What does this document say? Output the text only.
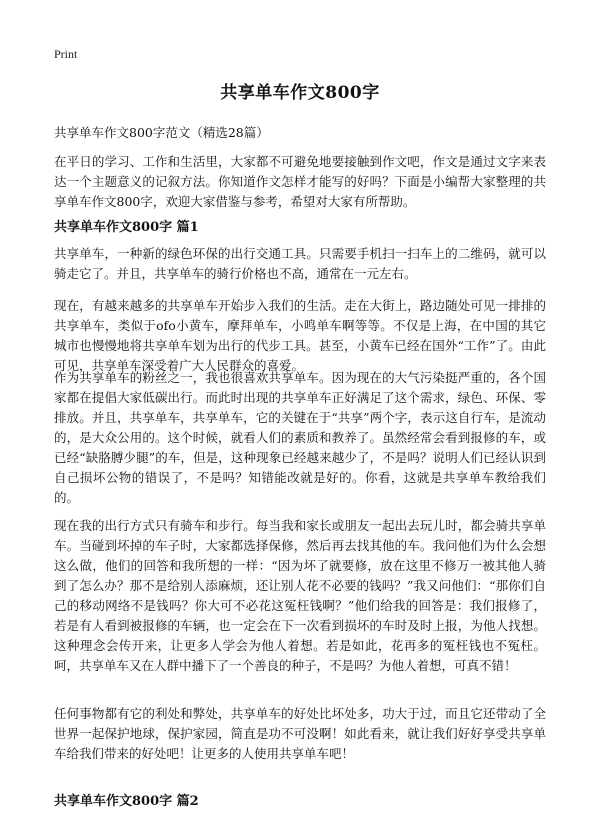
Print
共享单车作文800字
共享单车作文800字范文（精选28篇）

在平日的学习、工作和生活里，大家都不可避免地要接触到作文吧，作文是通过文字来表达一个主题意义的记叙方法。你知道作文怎样才能写的好吗？下面是小编帮大家整理的共享单车作文800字，欢迎大家借鉴与参考，希望对大家有所帮助。

共享单车作文800字 篇1

共享单车，一种新的绿色环保的出行交通工具。只需要手机扫一扫车上的二维码，就可以骑走它了。并且，共享单车的骑行价格也不高，通常在一元左右。

现在，有越来越多的共享单车开始步入我们的生活。走在大街上，路边随处可见一排排的共享单车，类似于ofo小黄车，摩拜单车，小鸣单车啊等等。不仅是上海，在中国的其它城市也慢慢地将共享单车划为出行的代步工具。甚至，小黄车已经在国外“工作”了。由此可见，共享单车深受着广大人民群众的喜爱。

作为共享单车的粉丝之一，我也很喜欢共享单车。因为现在的大气污染挺严重的，各个国家都在提倡大家低碳出行。而此时出现的共享单车正好满足了这个需求，绿色、环保、零排放。并且，共享单车，共享单车，它的关键在于“共享”两个字，表示这自行车，是流动的，是大众公用的。这个时候，就看人们的素质和教养了。虽然经常会看到报修的车，或已经“缺胳膊少腿”的车，但是，这种现象已经越来越少了，不是吗？说明人们已经认识到自己损坏公物的错误了，不是吗？知错能改就是好的。你看，这就是共享单车教给我们的。

现在我的出行方式只有骑车和步行。每当我和家长或朋友一起出去玩儿时，都会骑共享单车。当碰到坏掉的车子时，大家都选择保修，然后再去找其他的车。我问他们为什么会想这么做，他们的回答和我所想的一样：“因为坏了就要修，放在这里不修万一被其他人骑到了怎么办？那不是给别人添麻烦，还让别人花不必要的钱吗？”我又问他们：“那你们自己的移动网络不是钱吗？你大可不必花这冤枉钱啊？”他们给我的回答是：我们报修了，若是有人看到被报修的车辆，也一定会在下一次看到损坏的车时及时上报，为他人找想。这种理念会传开来，让更多人学会为他人着想。若是如此，花再多的冤枉钱也不冤枉。呵，共享单车又在人群中播下了一个善良的种子，不是吗？为他人着想，可真不错！

任何事物都有它的利处和弊处，共享单车的好处比坏处多，功大于过，而且它还带动了全世界一起保护地球，保护家园，简直是功不可没啊！如此看来，就让我们好好享受共享单车给我们带来的好处吧！让更多的人使用共享单车吧！

共享单车作文800字 篇2
